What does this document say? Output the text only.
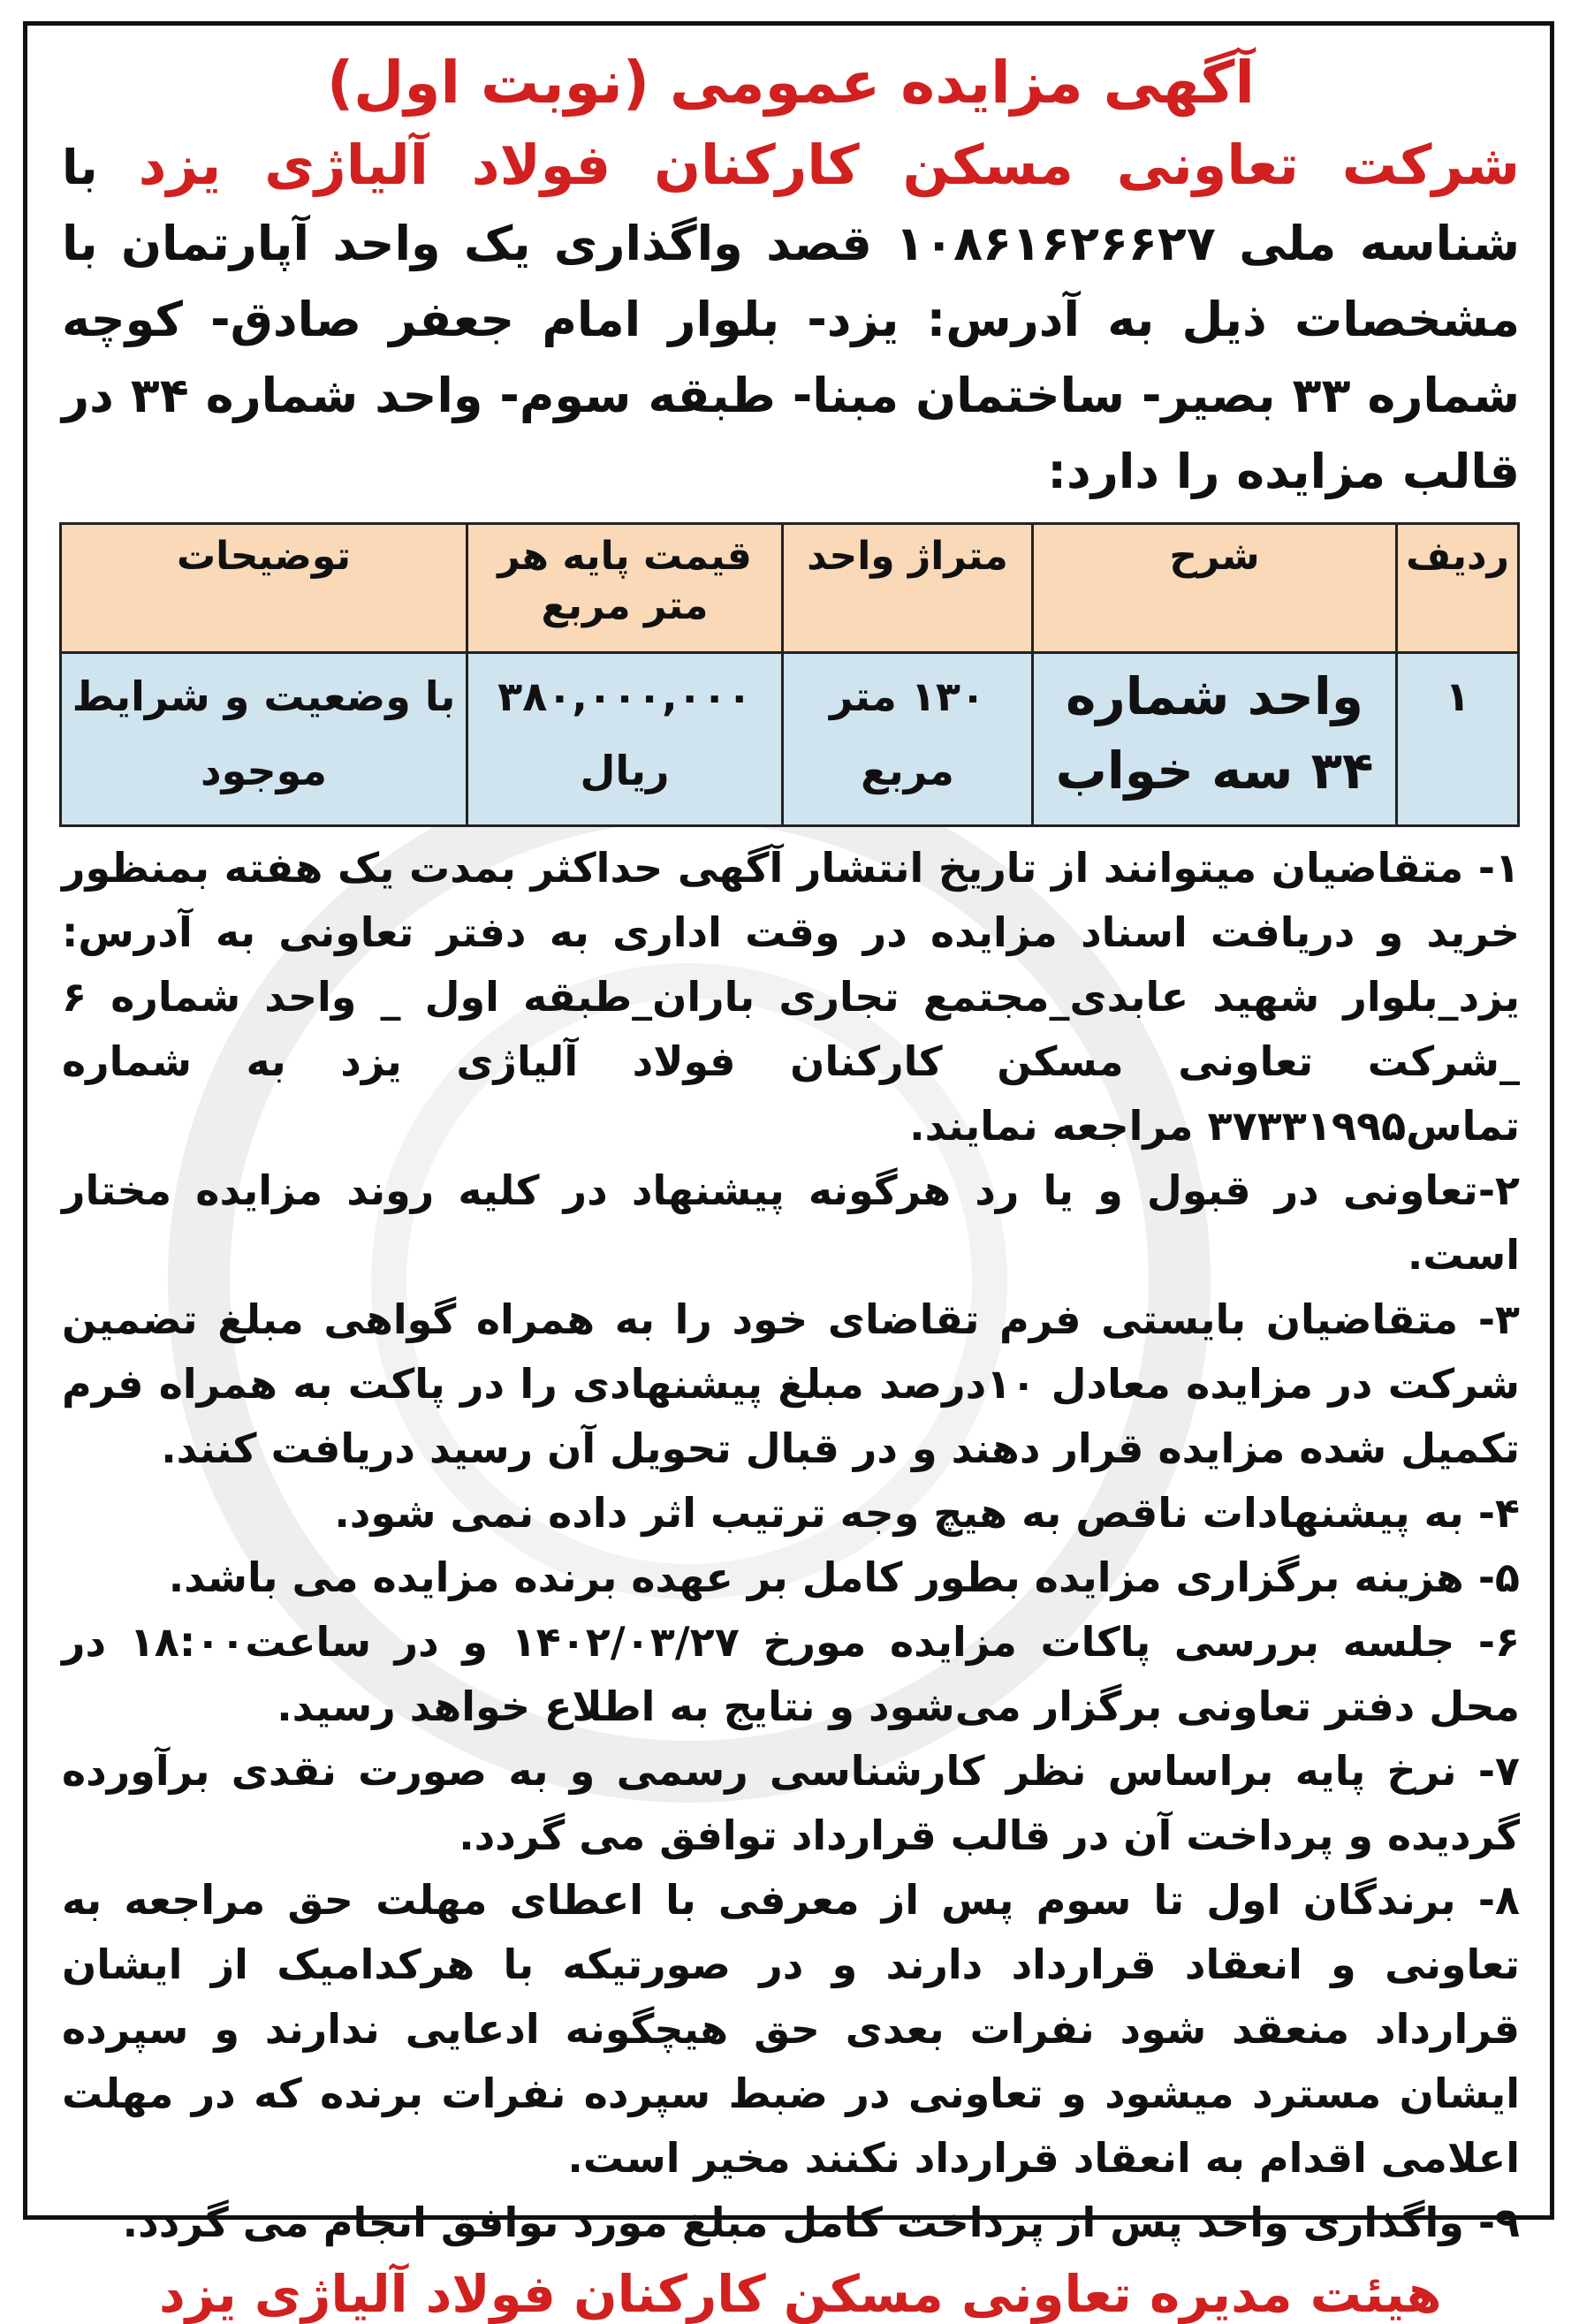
آگهی مزایده عمومی (نوبت اول)

شرکت تعاونی مسکن کارکنان فولاد آلیاژی یزد با شناسه ملی ۱۰۸۶۱۶۲۶۶۲۷ قصد واگذاری یک واحد آپارتمان با مشخصات ذیل به آدرس: یزد- بلوار امام جعفر صادق- کوچه شماره ۳۳ بصیر- ساختمان مبنا- طبقه سوم- واحد شماره ۳۴ در قالب مزایده را دارد:

ردیف	شرح	متراژ واحد	قیمت پایه هر متر مربع	توضیحات
۱	واحد شماره ۳۴ سه خواب	۱۳۰ متر مربع	۳۸۰,۰۰۰,۰۰۰ ریال	با وضعیت و شرایط موجود

۱- متقاضیان میتوانند از تاریخ انتشار آگهی حداکثر بمدت یک هفته بمنظور خرید و دریافت اسناد مزایده در وقت اداری به دفتر تعاونی به آدرس: یزد_بلوار شهید عابدی_مجتمع تجاری باران_طبقه اول _ واحد شماره ۶ _شرکت تعاونی مسکن کارکنان فولاد آلیاژی یزد به شماره تماس۳۷۳۳۱۹۹۵ مراجعه نمایند.

۲-تعاونی در قبول و یا رد هرگونه پیشنهاد در کلیه روند مزایده مختار است.

۳- متقاضیان بایستی فرم تقاضای خود را به همراه گواهی مبلغ تضمین شرکت در مزایده معادل ۱۰درصد مبلغ پیشنهادی را در پاکت به همراه فرم تکمیل شده مزایده قرار دهند و در قبال تحویل آن رسید دریافت کنند.

۴- به پیشنهادات ناقص به هیچ وجه ترتیب اثر داده نمی شود.

۵- هزینه برگزاری مزایده بطور کامل بر عهده برنده مزایده می باشد.

۶- جلسه بررسی پاکات مزایده مورخ ۱۴۰۲/۰۳/۲۷ و در ساعت۱۸:۰۰ در محل دفتر تعاونی برگزار می‌شود و نتایج به اطلاع خواهد رسید.

۷- نرخ پایه براساس نظر کارشناسی رسمی و به صورت نقدی برآورده گردیده و پرداخت آن در قالب قرارداد توافق می گردد.

۸- برندگان اول تا سوم پس از معرفی با اعطای مهلت حق مراجعه به تعاونی و انعقاد قرارداد دارند و در صورتیکه با هرکدامیک از ایشان قرارداد منعقد شود نفرات بعدی حق هیچگونه ادعایی ندارند و سپرده ایشان مسترد میشود و تعاونی در ضبط سپرده نفرات برنده که در مهلت اعلامی اقدام به انعقاد قرارداد نکنند مخیر است.

۹- واگذاری واحد پس از پرداخت کامل مبلغ مورد توافق انجام می گردد.

هیئت مدیره تعاونی مسکن کارکنان فولاد آلیاژی یزد
